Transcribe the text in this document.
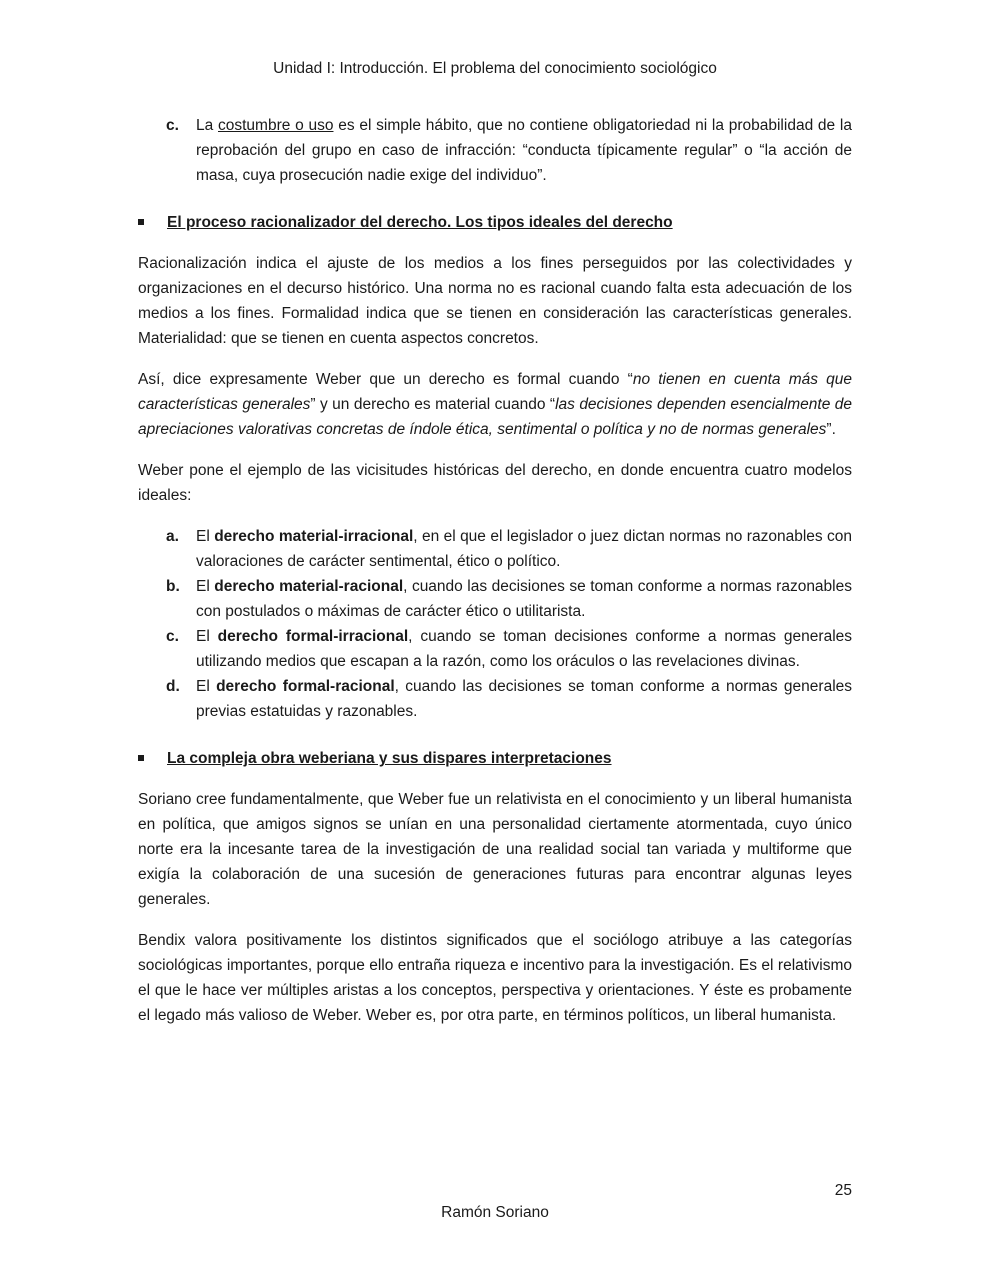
Unidad I: Introducción. El problema del conocimiento sociológico
c. La costumbre o uso es el simple hábito, que no contiene obligatoriedad ni la probabilidad de la reprobación del grupo en caso de infracción: “conducta típicamente regular” o “la acción de masa, cuya prosecución nadie exige del individuo”.
El proceso racionalizador del derecho. Los tipos ideales del derecho

Racionalización indica el ajuste de los medios a los fines perseguidos por las colectividades y organizaciones en el decurso histórico. Una norma no es racional cuando falta esta adecuación de los medios a los fines. Formalidad indica que se tienen en consideración las características generales. Materialidad: que se tienen en cuenta aspectos concretos.

Así, dice expresamente Weber que un derecho es formal cuando “no tienen en cuenta más que características generales” y un derecho es material cuando “las decisiones dependen esencialmente de apreciaciones valorativas concretas de índole ética, sentimental o política y no de normas generales”.

Weber pone el ejemplo de las vicisitudes históricas del derecho, en donde encuentra cuatro modelos ideales:

a. El derecho material-irracional, en el que el legislador o juez dictan normas no razonables con valoraciones de carácter sentimental, ético o político.
b. El derecho material-racional, cuando las decisiones se toman conforme a normas razonables con postulados o máximas de carácter ético o utilitarista.
c. El derecho formal-irracional, cuando se toman decisiones conforme a normas generales utilizando medios que escapan a la razón, como los oráculos o las revelaciones divinas.
d. El derecho formal-racional, cuando las decisiones se toman conforme a normas generales previas estatuidas y razonables.
La compleja obra weberiana y sus dispares interpretaciones

Soriano cree fundamentalmente, que Weber fue un relativista en el conocimiento y un liberal humanista en política, que amigos signos se unían en una personalidad ciertamente atormentada, cuyo único norte era la incesante tarea de la investigación de una realidad social tan variada y multiforme que exigía la colaboración de una sucesión de generaciones futuras para encontrar algunas leyes generales.

Bendix valora positivamente los distintos significados que el sociólogo atribuye a las categorías sociológicas importantes, porque ello entraña riqueza e incentivo para la investigación. Es el relativismo el que le hace ver múltiples aristas a los conceptos, perspectiva y orientaciones. Y éste es probamente el legado más valioso de Weber. Weber es, por otra parte, en términos políticos, un liberal humanista.

25
Ramón Soriano
